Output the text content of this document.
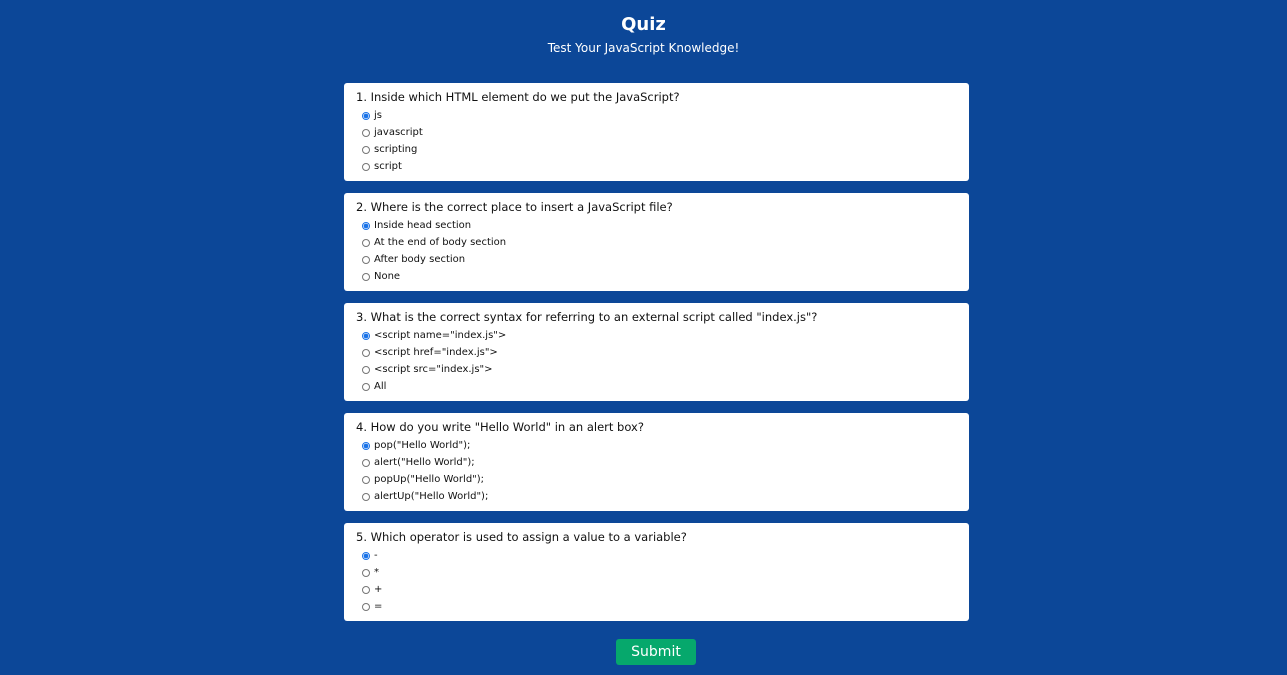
Quiz
Test Your JavaScript Knowledge!
1. Inside which HTML element do we put the JavaScript?
js
javascript
scripting
script
2. Where is the correct place to insert a JavaScript file?
Inside head section
At the end of body section
After body section
None
3. What is the correct syntax for referring to an external script called "index.js"?
<script name="index.js">
<script href="index.js">
<script src="index.js">
All
4. How do you write "Hello World" in an alert box?
pop("Hello World");
alert("Hello World");
popUp("Hello World");
alertUp("Hello World");
5. Which operator is used to assign a value to a variable?
-
*
+
=
Submit
